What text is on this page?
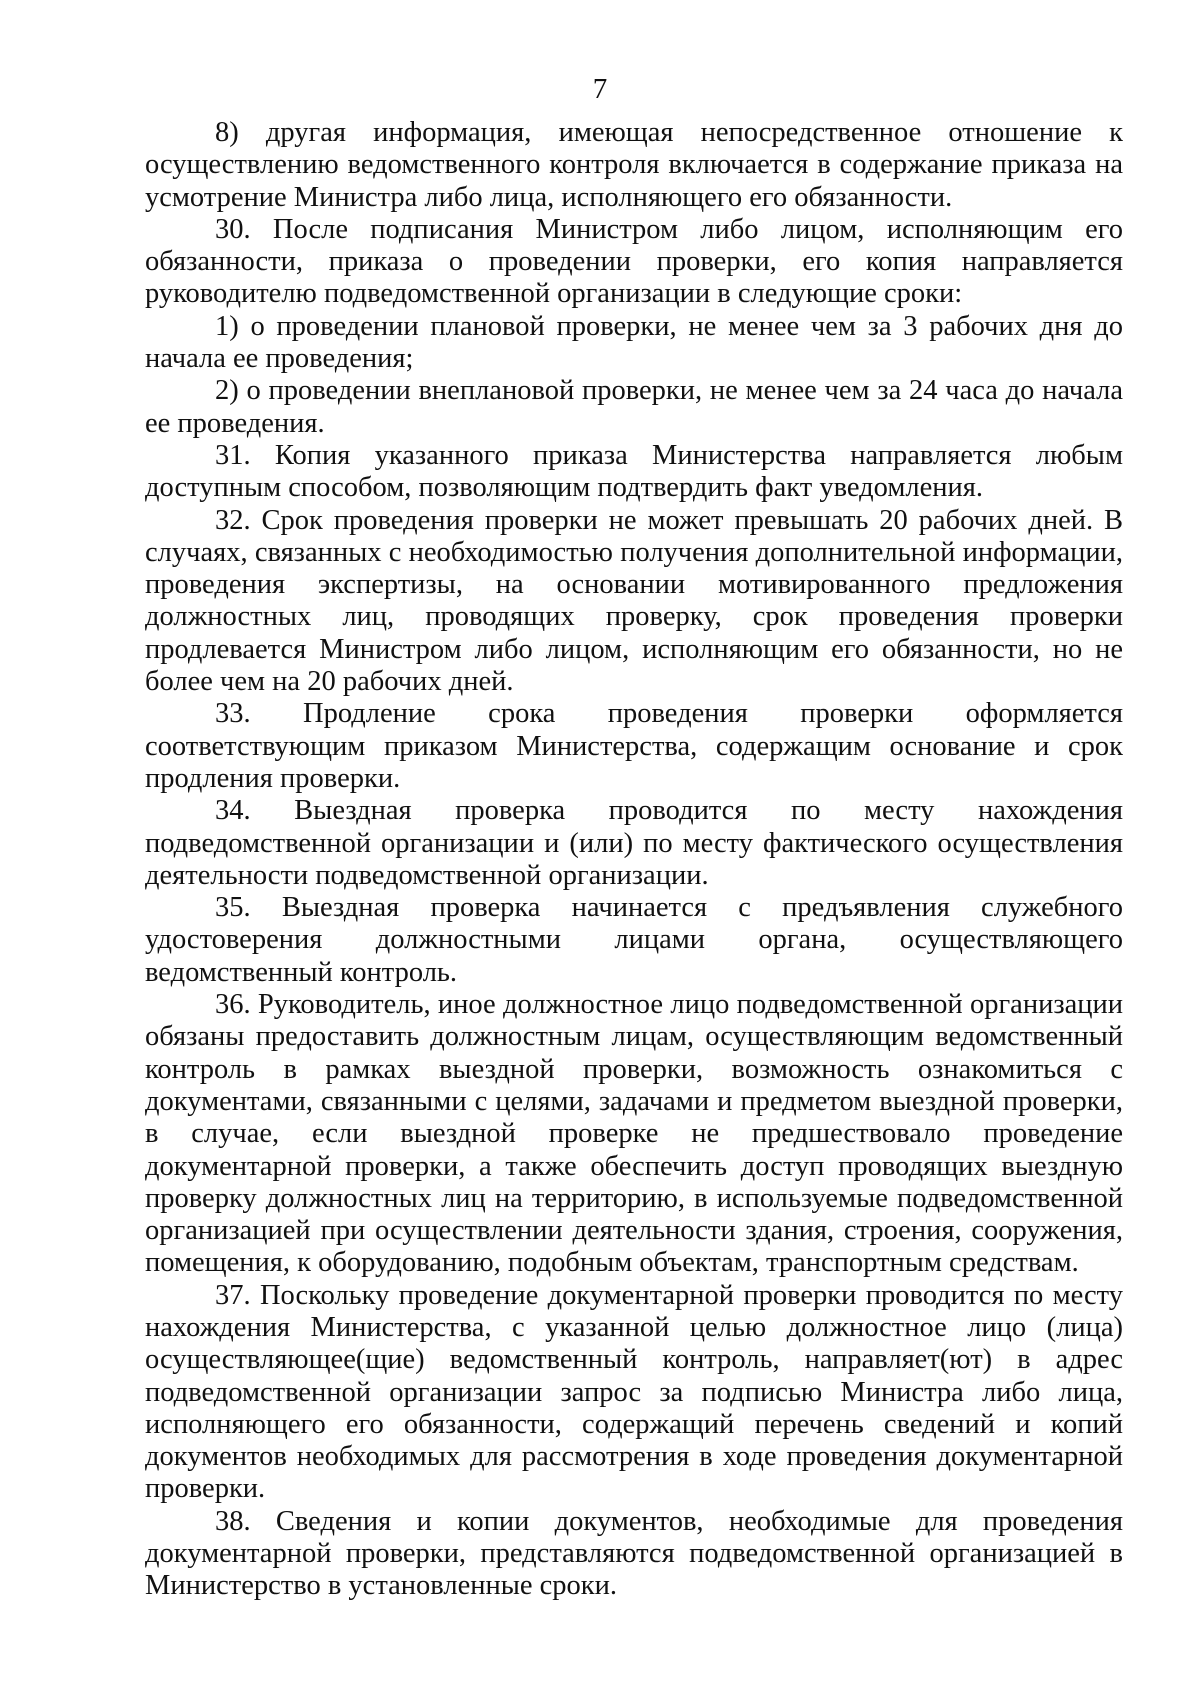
7

8) другая информация, имеющая непосредственное отношение к осуществлению ведомственного контроля включается в содержание приказа на усмотрение Министра либо лица, исполняющего его обязанности.

30. После подписания Министром либо лицом, исполняющим его обязанности, приказа о проведении проверки, его копия направляется руководителю подведомственной организации в следующие сроки:

1) о проведении плановой проверки, не менее чем за 3 рабочих дня до начала ее проведения;

2) о проведении внеплановой проверки, не менее чем за 24 часа до начала ее проведения.

31. Копия указанного приказа Министерства направляется любым доступным способом, позволяющим подтвердить факт уведомления.

32. Срок проведения проверки не может превышать 20 рабочих дней. В случаях, связанных с необходимостью получения дополнительной информации, проведения экспертизы, на основании мотивированного предложения должностных лиц, проводящих проверку, срок проведения проверки продлевается Министром либо лицом, исполняющим его обязанности, но не более чем на 20 рабочих дней.

33. Продление срока проведения проверки оформляется соответствующим приказом Министерства, содержащим основание и срок продления проверки.

34. Выездная проверка проводится по месту нахождения подведомственной организации и (или) по месту фактического осуществления деятельности подведомственной организации.

35. Выездная проверка начинается с предъявления служебного удостоверения должностными лицами органа, осуществляющего ведомственный контроль.

36. Руководитель, иное должностное лицо подведомственной организации обязаны предоставить должностным лицам, осуществляющим ведомственный контроль в рамках выездной проверки, возможность ознакомиться с документами, связанными с целями, задачами и предметом выездной проверки, в случае, если выездной проверке не предшествовало проведение документарной проверки, а также обеспечить доступ проводящих выездную проверку должностных лиц на территорию, в используемые подведомственной организацией при осуществлении деятельности здания, строения, сооружения, помещения, к оборудованию, подобным объектам, транспортным средствам.

37. Поскольку проведение документарной проверки проводится по месту нахождения Министерства, с указанной целью должностное лицо (лица) осуществляющее(щие) ведомственный контроль, направляет(ют) в адрес подведомственной организации запрос за подписью Министра либо лица, исполняющего его обязанности, содержащий перечень сведений и копий документов необходимых для рассмотрения в ходе проведения документарной проверки.

38. Сведения и копии документов, необходимые для проведения документарной проверки, представляются подведомственной организацией в Министерство в установленные сроки.
